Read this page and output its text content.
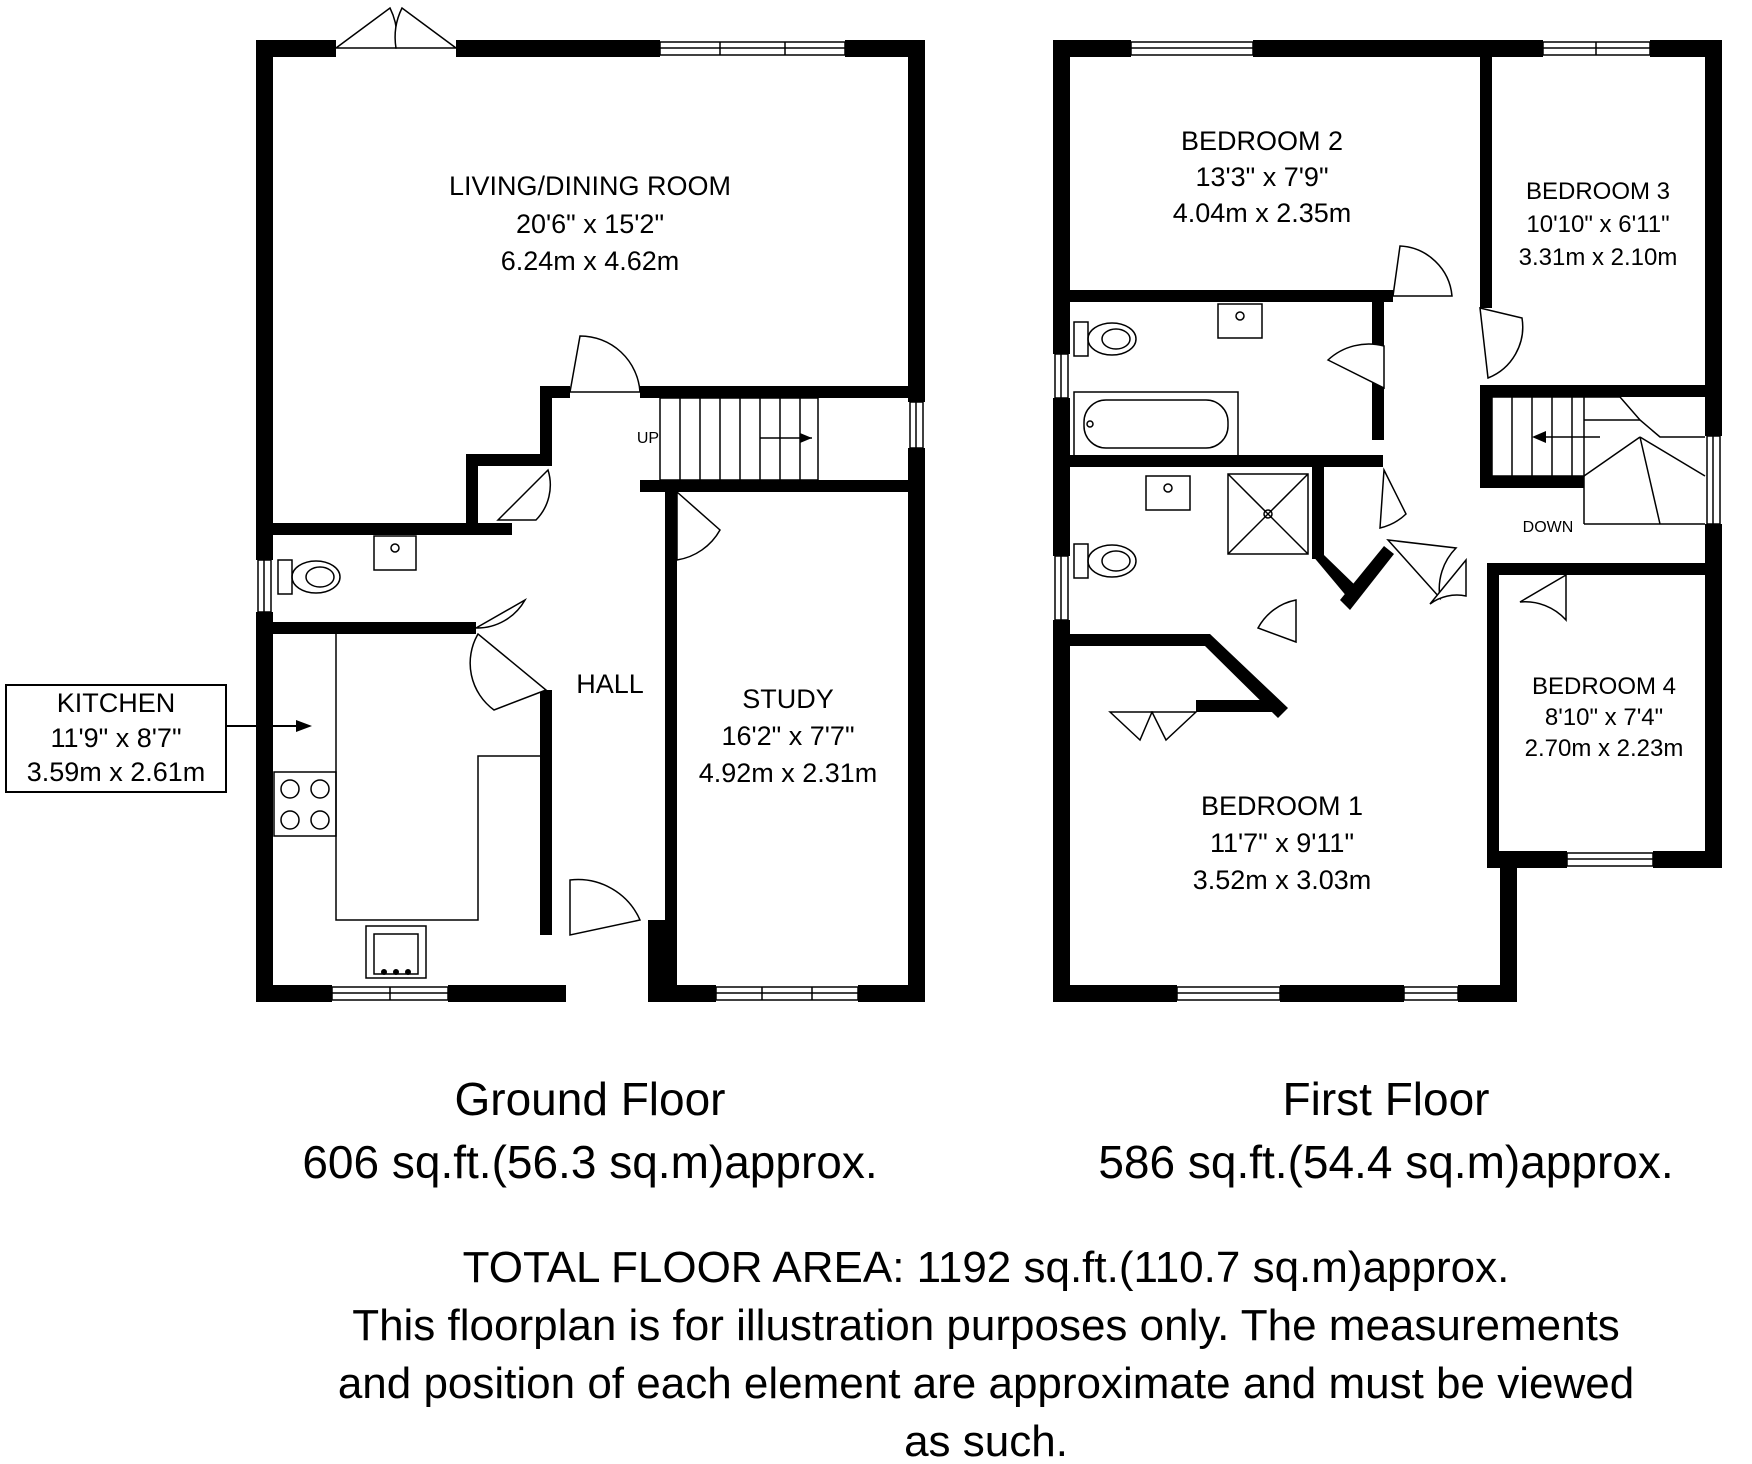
LIVING/DINING ROOM
20'6" x 15'2"
6.24m x 4.62m
KITCHEN
11'9" x 8'7"
3.59m x 2.61m
HALL	STUDY
16'2" x 7'7"
4.92m x 2.31m
UP
BEDROOM 2
13'3" x 7'9"
4.04m x 2.35m
BEDROOM 3
10'10" x 6'11"
3.31m x 2.10m
BEDROOM 4
8'10" x 7'4"
2.70m x 2.23m
BEDROOM 1
11'7" x 9'11"
3.52m x 3.03m
DOWN
Ground Floor
606 sq.ft.(56.3 sq.m)approx.
First Floor
586 sq.ft.(54.4 sq.m)approx.
TOTAL FLOOR AREA: 1192 sq.ft.(110.7 sq.m)approx.
This floorplan is for illustration purposes only. The measurements
and position of each element are approximate and must be viewed
as such.
